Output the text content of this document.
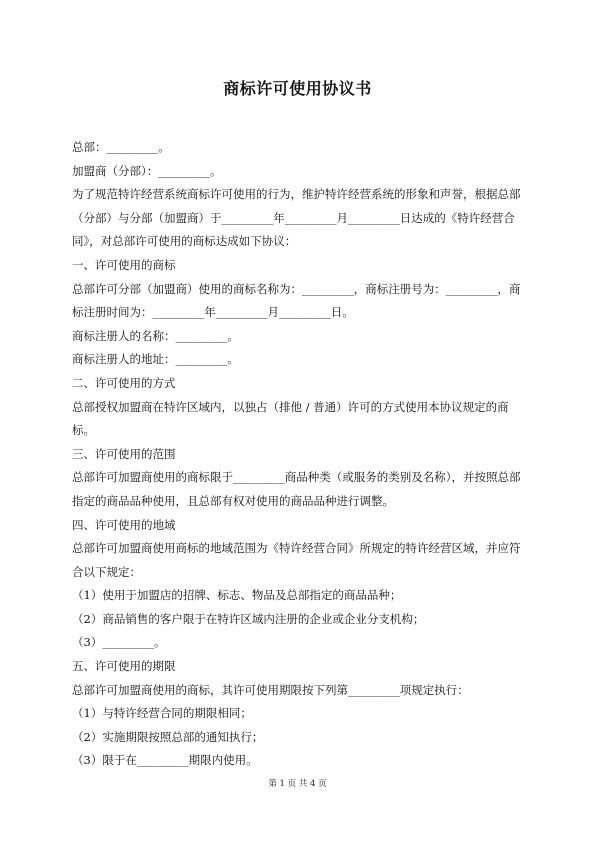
商标许可使用协议书

总部：_________。

加盟商（分部）：_________。

为了规范特许经营系统商标许可使用的行为，维护特许经营系统的形象和声誉，根据总部（分部）与分部（加盟商）于_________年_________月_________日达成的《特许经营合同》，对总部许可使用的商标达成如下协议：

一、许可使用的商标

总部许可分部（加盟商）使用的商标名称为：_________，商标注册号为：_________，商标注册时间为：_________年_________月_________日。

商标注册人的名称：_________。

商标注册人的地址：_________。

二、许可使用的方式

总部授权加盟商在特许区域内，以独占（排他 / 普通）许可的方式使用本协议规定的商标。

三、许可使用的范围

总部许可加盟商使用的商标限于_________商品种类（或服务的类别及名称），并按照总部指定的商品品种使用，且总部有权对使用的商品品种进行调整。

四、许可使用的地域

总部许可加盟商使用商标的地域范围为《特许经营合同》所规定的特许经营区域，并应符合以下规定：

（1）使用于加盟店的招牌、标志、物品及总部指定的商品品种；

（2）商品销售的客户限于在特许区域内注册的企业或企业分支机构；

（3）_________。

五、许可使用的期限

总部许可加盟商使用的商标，其许可使用期限按下列第_________项规定执行：

（1）与特许经营合同的期限相同；

（2）实施期限按照总部的通知执行；

（3）限于在_________期限内使用。

第 1 页 共 4 页
